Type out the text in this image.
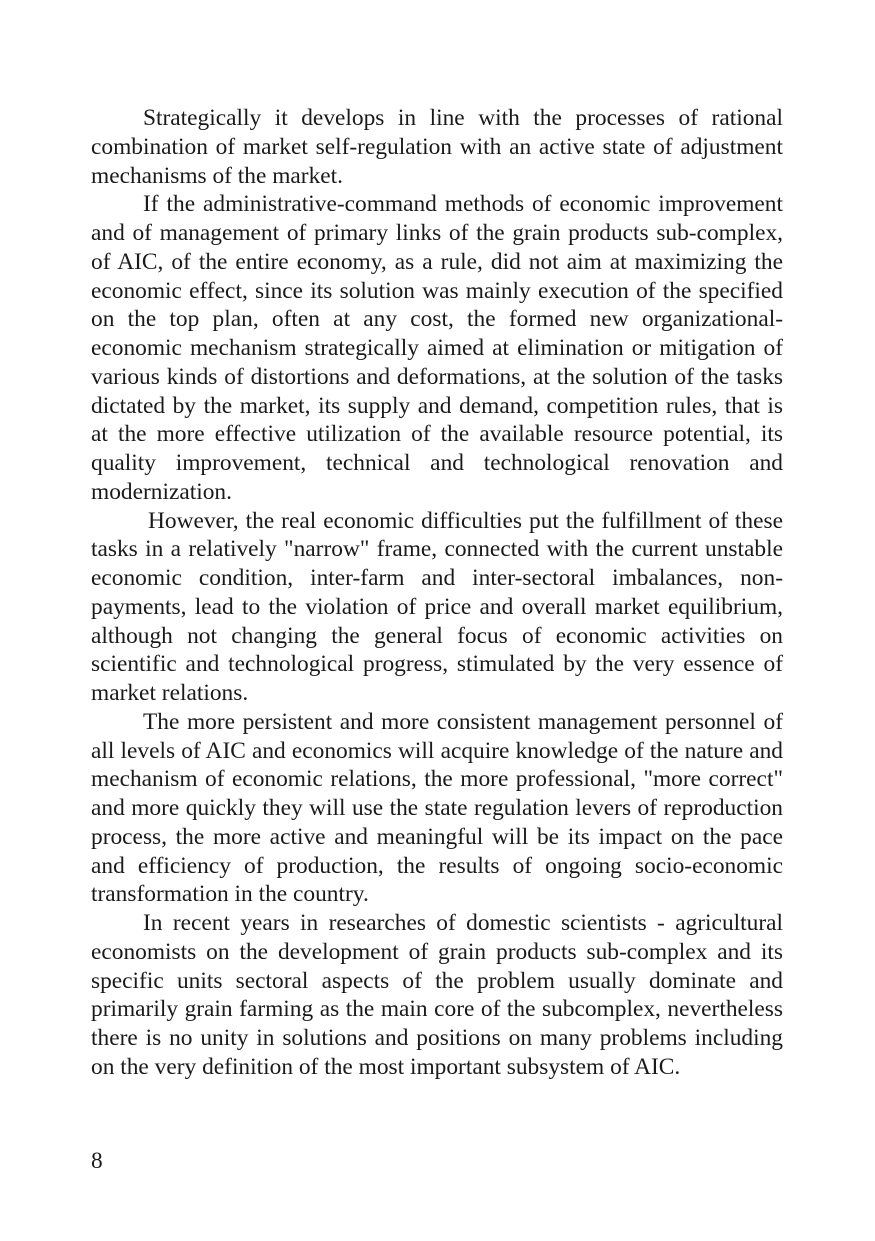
Strategically it develops in line with the processes of rational combination of market self-regulation with an active state of adjustment mechanisms of the market.

If the administrative-command methods of economic improvement and of management of primary links of the grain products sub-complex, of AIC, of the entire economy, as a rule, did not aim at maximizing the economic effect, since its solution was mainly execution of the specified on the top plan, often at any cost, the formed new organizational-economic mechanism strategically aimed at elimination or mitigation of various kinds of distortions and deformations, at the solution of the tasks dictated by the market, its supply and demand, competition rules, that is at the more effective utilization of the available resource potential, its quality improvement, technical and technological renovation and modernization.

However, the real economic difficulties put the fulfillment of these tasks in a relatively "narrow" frame, connected with the current unstable economic condition, inter-farm and inter-sectoral imbalances, non-payments, lead to the violation of price and overall market equilibrium, although not changing the general focus of economic activities on scientific and technological progress, stimulated by the very essence of market relations.

The more persistent and more consistent management personnel of all levels of AIC and economics will acquire knowledge of the nature and mechanism of economic relations, the more professional, "more correct" and more quickly they will use the state regulation levers of reproduction process, the more active and meaningful will be its impact on the pace and efficiency of production, the results of ongoing socio-economic transformation in the country.

In recent years in researches of domestic scientists - agricultural economists on the development of grain products sub-complex and its specific units sectoral aspects of the problem usually dominate and primarily grain farming as the main core of the subcomplex, nevertheless there is no unity in solutions and positions on many problems including on the very definition of the most important subsystem of AIC.

8
